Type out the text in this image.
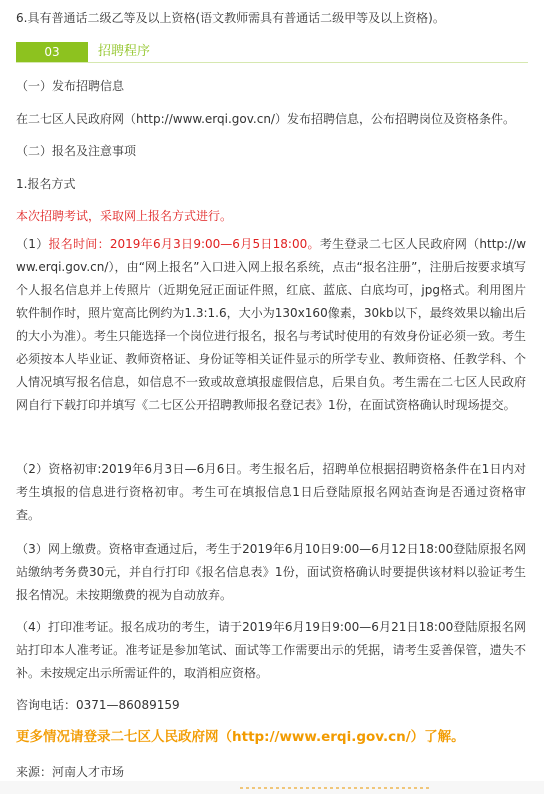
6.具有普通话二级乙等及以上资格(语文教师需具有普通话二级甲等及以上资格)。
03	招聘程序
（一）发布招聘信息
在二七区人民政府网（http://www.erqi.gov.cn/）发布招聘信息，公布招聘岗位及资格条件。
（二）报名及注意事项
1.报名方式
本次招聘考试，采取网上报名方式进行。
（1）报名时间：2019年6月3日9:00—6月5日18:00。考生登录二七区人民政府网（http://www.erqi.gov.cn/），由“网上报名”入口进入网上报名系统，点击“报名注册”，注册后按要求填写个人报名信息并上传照片（近期免冠正面证件照，红底、蓝底、白底均可，jpg格式。利用图片软件制作时，照片宽高比例约为1.3:1.6，大小为130x160像素，30kb以下，最终效果以输出后的大小为准）。考生只能选择一个岗位进行报名，报名与考试时使用的有效身份证必须一致。考生必须按本人毕业证、教师资格证、身份证等相关证件显示的所学专业、教师资格、任教学科、个人情况填写报名信息，如信息不一致或故意填报虚假信息，后果自负。考生需在二七区人民政府网自行下载打印并填写《二七区公开招聘教师报名登记表》1份，在面试资格确认时现场提交。
（2）资格初审:2019年6月3日—6月6日。考生报名后，招聘单位根据招聘资格条件在1日内对考生填报的信息进行资格初审。考生可在填报信息1日后登陆原报名网站查询是否通过资格审查。
（3）网上缴费。资格审查通过后，考生于2019年6月10日9:00—6月12日18:00登陆原报名网站缴纳考务费30元，并自行打印《报名信息表》1份，面试资格确认时要提供该材料以验证考生报名情况。未按期缴费的视为自动放弃。
（4）打印准考证。报名成功的考生，请于2019年6月19日9:00—6月21日18:00登陆原报名网站打印本人准考证。准考证是参加笔试、面试等工作需要出示的凭据，请考生妥善保管，遗失不补。未按规定出示所需证件的，取消相应资格。
咨询电话：0371—86089159
更多情况请登录二七区人民政府网（http://www.erqi.gov.cn/）了解。
来源：河南人才市场
